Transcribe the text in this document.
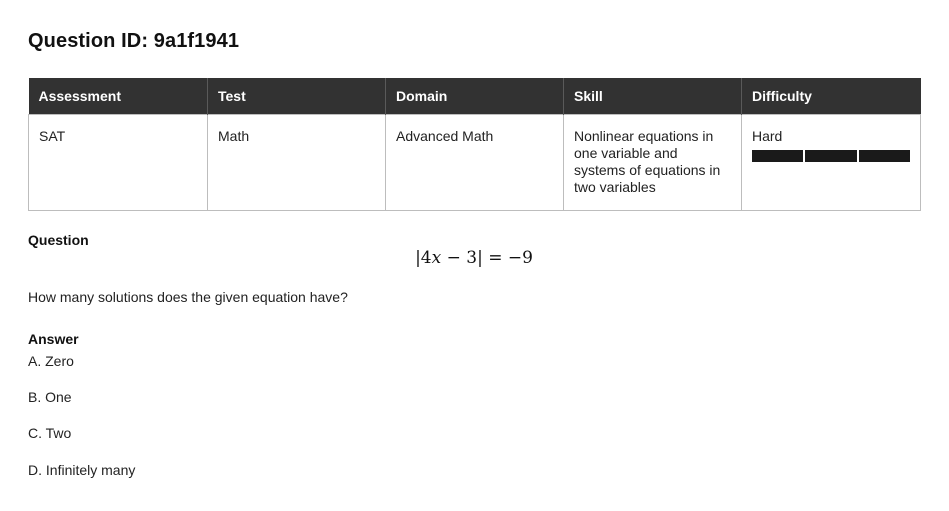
Question ID: 9a1f1941
Assessment	Test	Domain	Skill	Difficulty
SAT	Math	Advanced Math	Nonlinear equations in one variable and systems of equations in two variables	Hard
Question
|4x − 3| = −9
How many solutions does the given equation have?
Answer
A. Zero
B. One
C. Two
D. Infinitely many
